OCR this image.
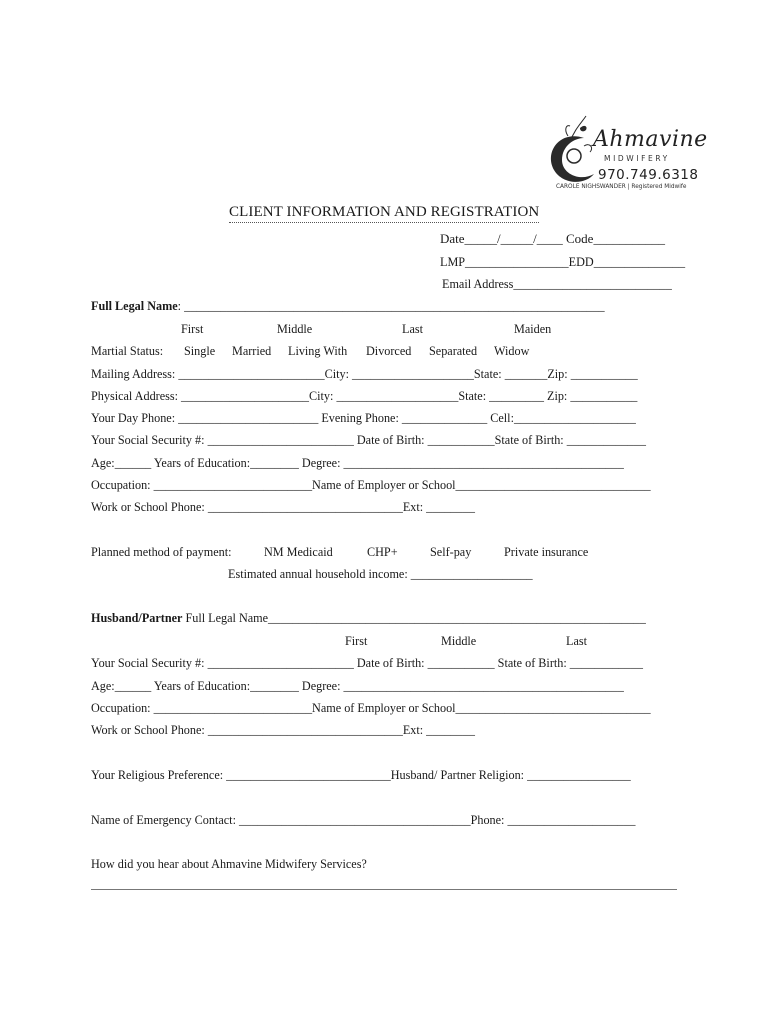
Ahmavine
MIDWIFERY
970.749.6318
CAROLE NIGHSWANDER | Registered Midwife
CLIENT INFORMATION AND REGISTRATION
Date_____/_____/____ Code___________
LMP_________________EDD_______________
Email Address__________________________
Full Legal Name: _____________________________________________________________________
First	Middle	Last	Maiden
Martial Status: Single Married Living With Divorced Separated Widow
Mailing Address: ________________________City: ____________________State: _______Zip: ___________
Physical Address: _____________________City: ____________________State: _________ Zip: ___________
Your Day Phone: _______________________ Evening Phone: ______________ Cell:____________________
Your Social Security #: ________________________ Date of Birth: ___________State of Birth: _____________
Age:______ Years of Education:________ Degree: ______________________________________________
Occupation: __________________________Name of Employer or School________________________________
Work or School Phone: ________________________________Ext: ________
Planned method of payment:	NM Medicaid	CHP+	Self-pay	Private insurance
Estimated annual household income: ____________________
Husband/Partner Full Legal Name______________________________________________________________
First	Middle	Last
Your Social Security #: ________________________ Date of Birth: ___________ State of Birth: ____________
Age:______ Years of Education:________ Degree: ______________________________________________
Occupation: __________________________Name of Employer or School________________________________
Work or School Phone: ________________________________Ext: ________
Your Religious Preference: ___________________________Husband/ Partner Religion: _________________
Name of Emergency Contact: ______________________________________Phone: _____________________
How did you hear about Ahmavine Midwifery Services?
